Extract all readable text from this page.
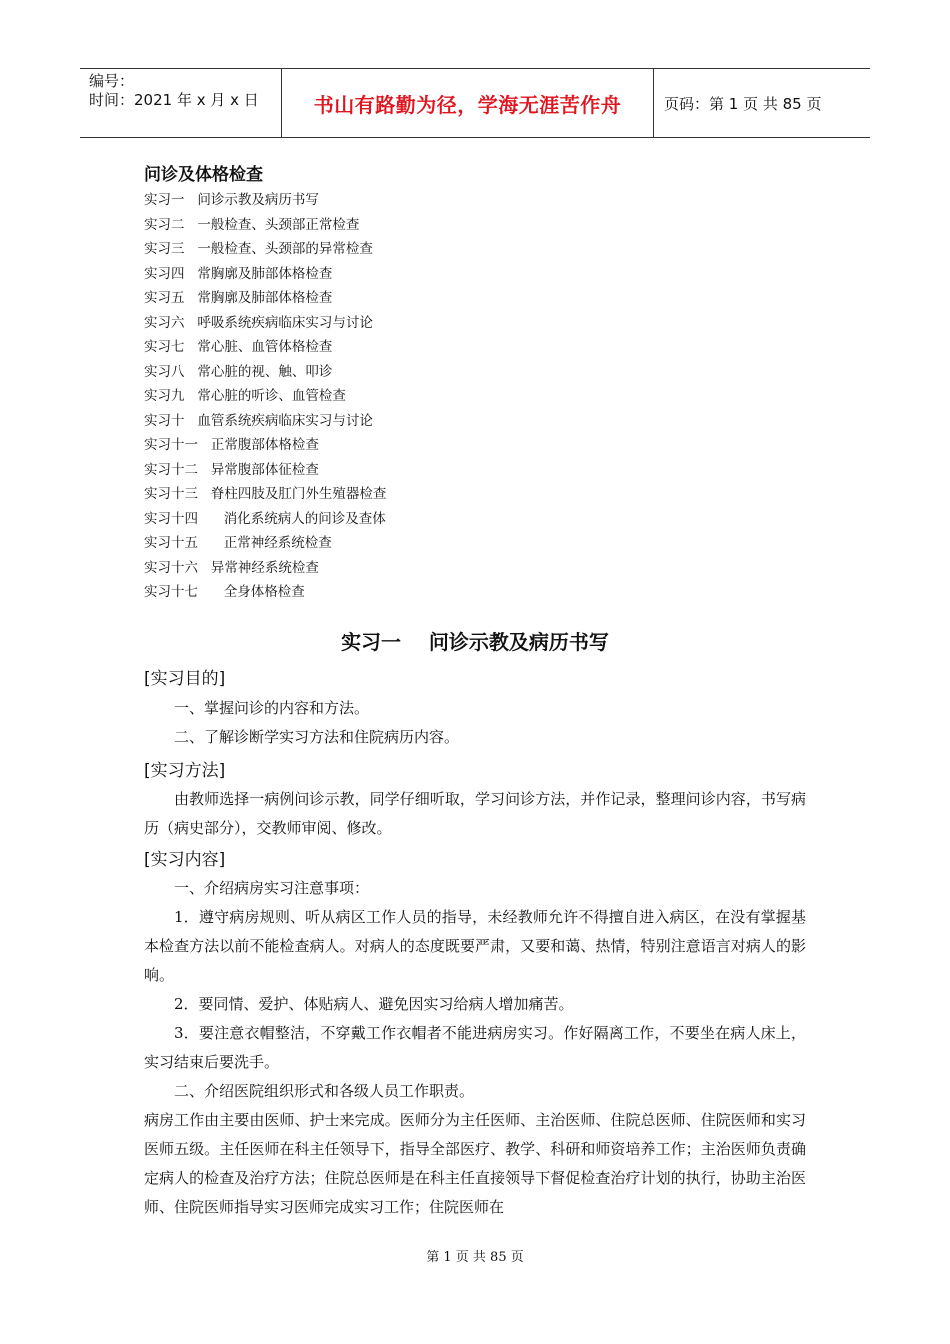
编号：
时间：2021 年 x 月 x 日	书山有路勤为径，学海无涯苦作舟	页码：第 1 页 共 85 页
问诊及体格检查
实习一   问诊示教及病历书写
实习二   一般检查、头颈部正常检查
实习三   一般检查、头颈部的异常检查
实习四   常胸廓及肺部体格检查
实习五   常胸廓及肺部体格检查
实习六   呼吸系统疾病临床实习与讨论
实习七   常心脏、血管体格检查
实习八   常心脏的视、触、叩诊
实习九   常心脏的听诊、血管检查
实习十   血管系统疾病临床实习与讨论
实习十一   正常腹部体格检查
实习十二   异常腹部体征检查
实习十三   脊柱四肢及肛门外生殖器检查
实习十四      消化系统病人的问诊及查体
实习十五      正常神经系统检查
实习十六   异常神经系统检查
实习十七      全身体格检查
实习一    问诊示教及病历书写
[实习目的]

一、掌握问诊的内容和方法。

二、了解诊断学实习方法和住院病历内容。

[实习方法]

由教师选择一病例问诊示教，同学仔细听取，学习问诊方法，并作记录，整理问诊内容，书写病历（病史部分），交教师审阅、修改。

[实习内容]

一、介绍病房实习注意事项：

1．遵守病房规则、听从病区工作人员的指导，未经教师允许不得擅自进入病区，在没有掌握基本检查方法以前不能检查病人。对病人的态度既要严肃，又要和蔼、热情，特别注意语言对病人的影响。

2．要同情、爱护、体贴病人、避免因实习给病人增加痛苦。

3．要注意衣帽整洁，不穿戴工作衣帽者不能进病房实习。作好隔离工作，不要坐在病人床上，实习结束后要洗手。

二、介绍医院组织形式和各级人员工作职责。

病房工作由主要由医师、护士来完成。医师分为主任医师、主治医师、住院总医师、住院医师和实习医师五级。主任医师在科主任领导下，指导全部医疗、教学、科研和师资培养工作；主治医师负责确定病人的检查及治疗方法；住院总医师是在科主任直接领导下督促检查治疗计划的执行，协助主治医师、住院医师指导实习医师完成实习工作；住院医师在

第 1 页 共 85 页
